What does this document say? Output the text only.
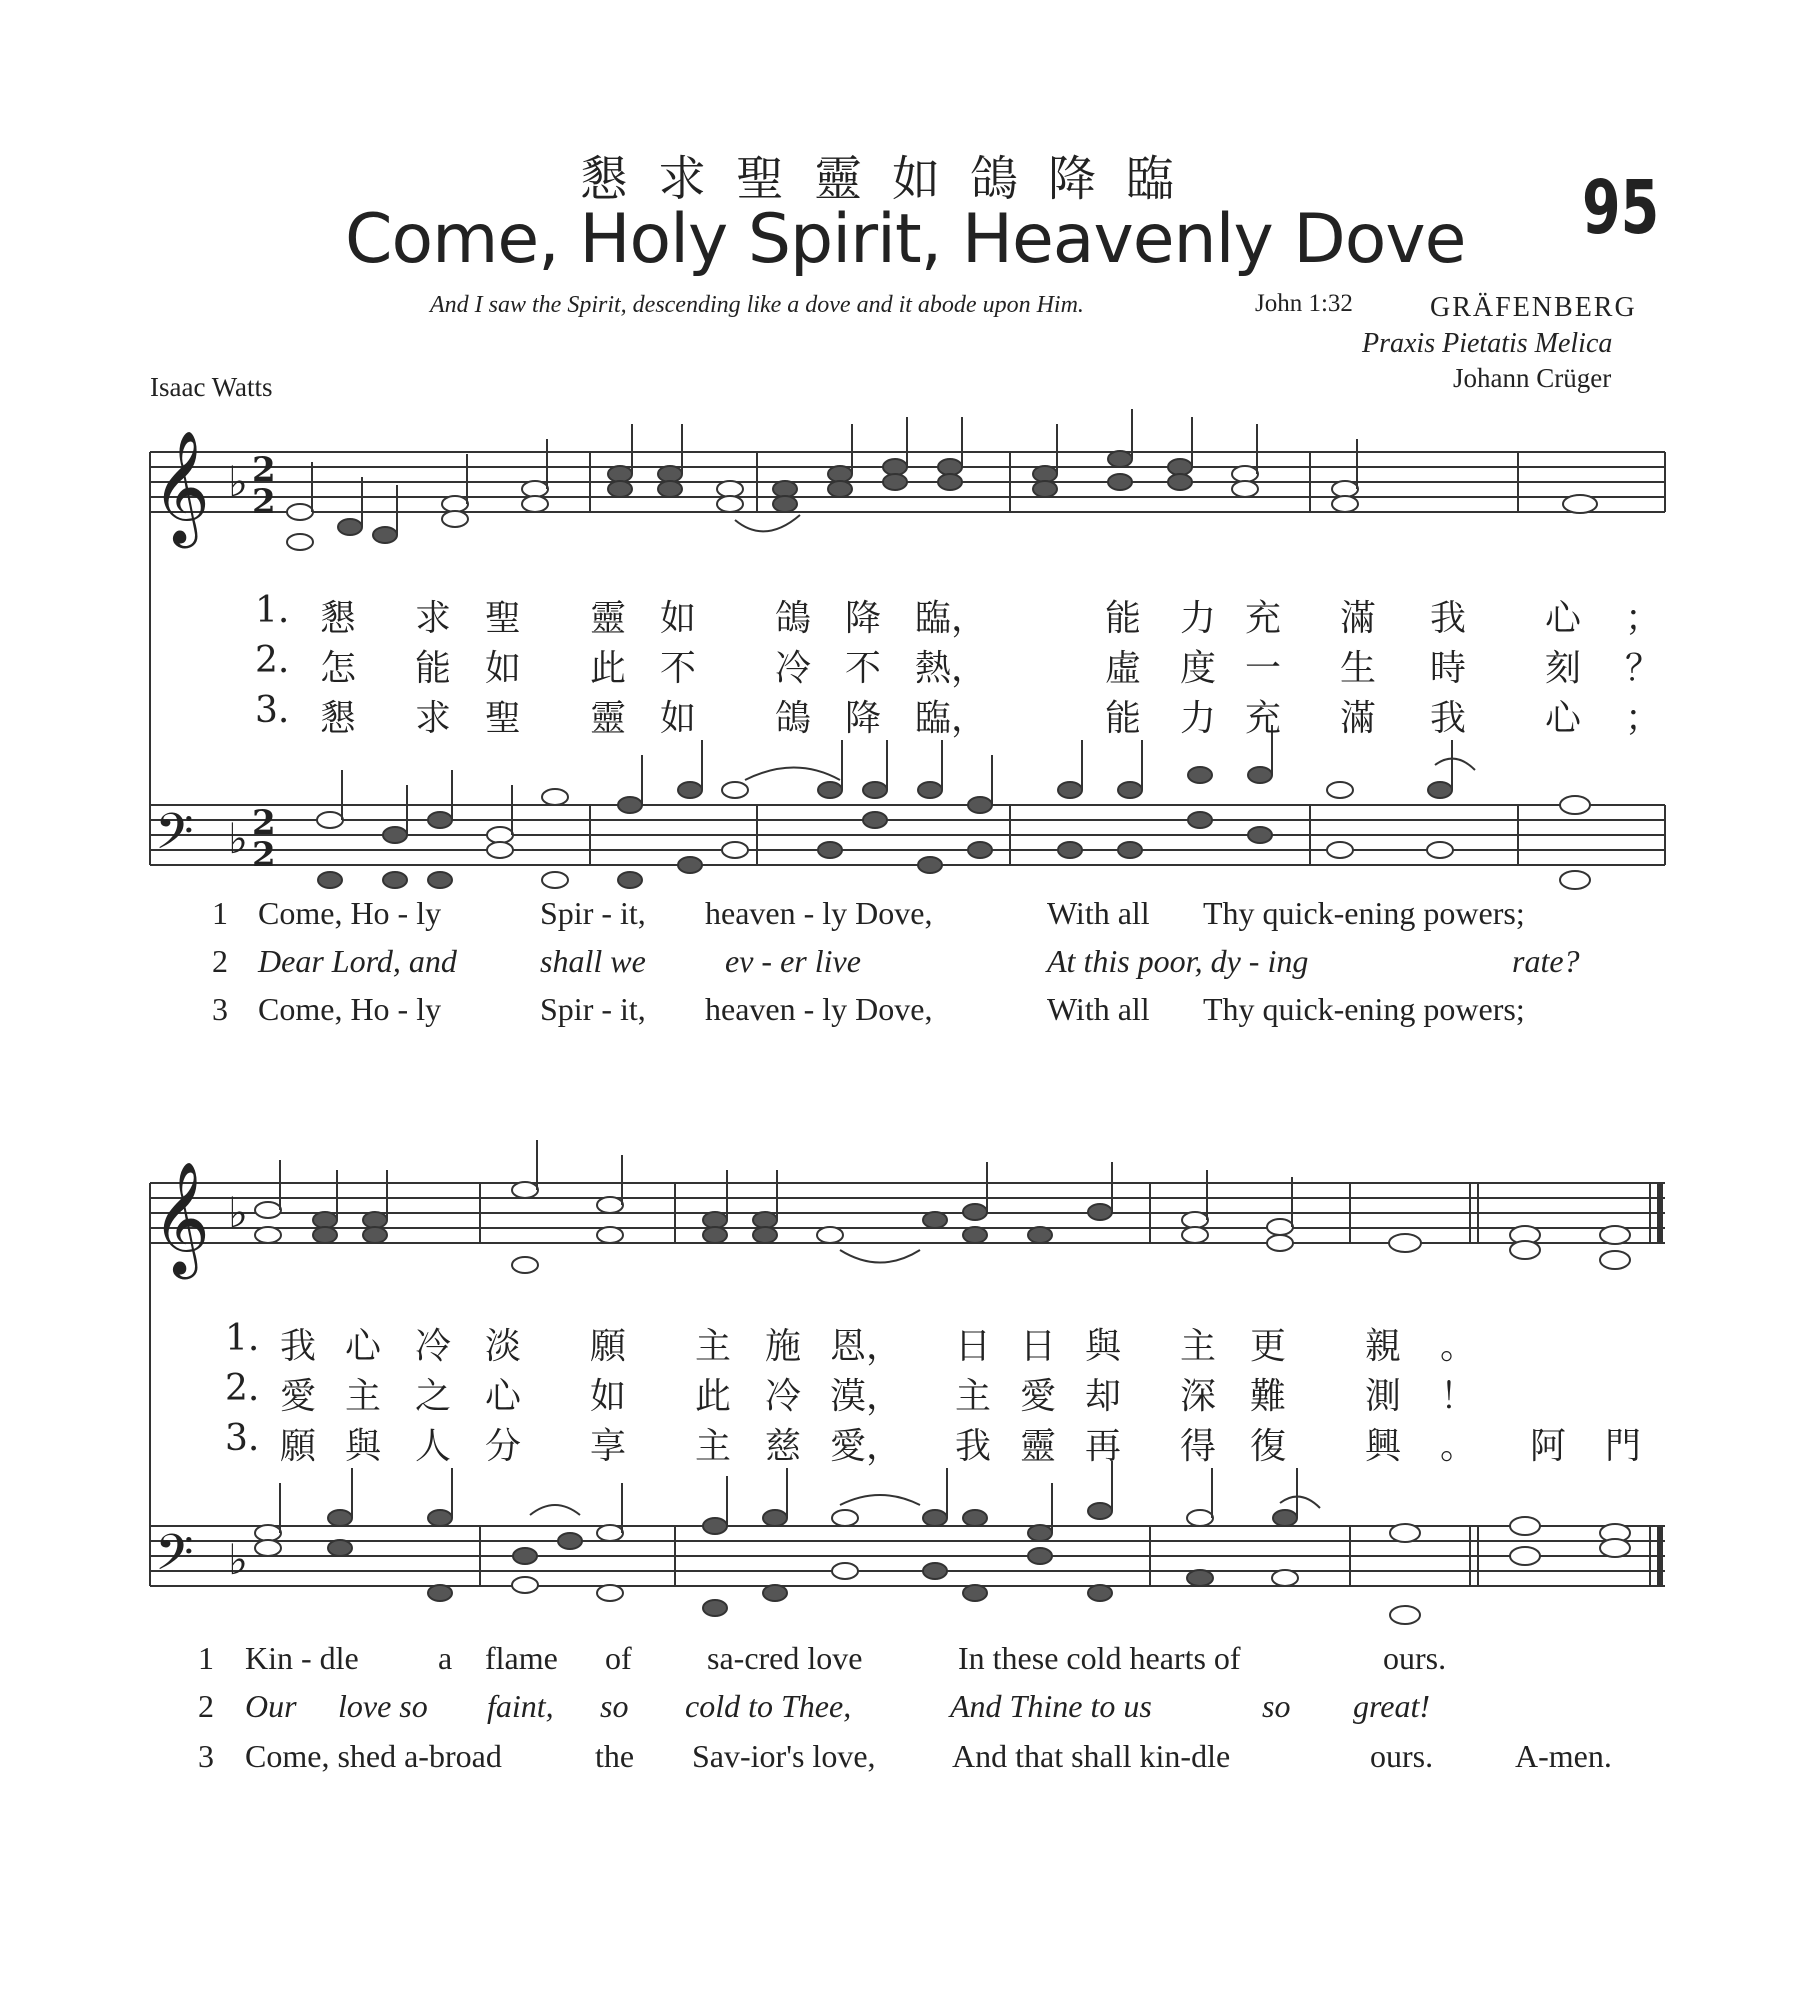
𝄞
𝄢
𝄞
𝄢
♭
♭
♭
♭
2
2
2
2
懇求聖靈如鴿降臨
Come, Holy Spirit, Heavenly Dove 95
And I saw the Spirit, descending like a dove and it abode upon Him.	John 1:32	GRÄFENBERG
Praxis Pietatis Melica
Johann Crüger
Isaac Watts
1. 懇 求 聖 靈 如 鴿 降 臨，	能 力 充 滿 我 心 ；
2. 怎 能 如 此 不 冷 不 熱，	虛 度 一 生 時 刻 ？
3. 懇 求 聖 靈 如 鴿 降 臨，	能 力 充 滿 我 心 ；
1 Come, Ho - ly	Spir - it, heaven - ly Dove,	With all Thy quick-ening powers;
2 Dear Lord, and	shall we ev - er live	At this poor, dy - ing	rate?
3 Come, Ho - ly	Spir - it, heaven - ly Dove,	With all Thy quick-ening powers;
1. 我 心 冷 淡 願 主 施 恩， 日 日 與 主 更 親 。
2. 愛 主 之 心 如 此 冷 漠， 主 愛 却 深 難 測 ！
3. 願 與 人 分 享 主 慈 愛， 我 靈 再 得 復 興 。 阿 門
1 Kin - dle a flame of sa-cred love	In these cold hearts of	ours.
2 Our love so faint, so cold to Thee,	And Thine to us	so great!
3 Come, shed a-broad	the Sav-ior's love, And that shall kin-dle	ours.	A-men.
